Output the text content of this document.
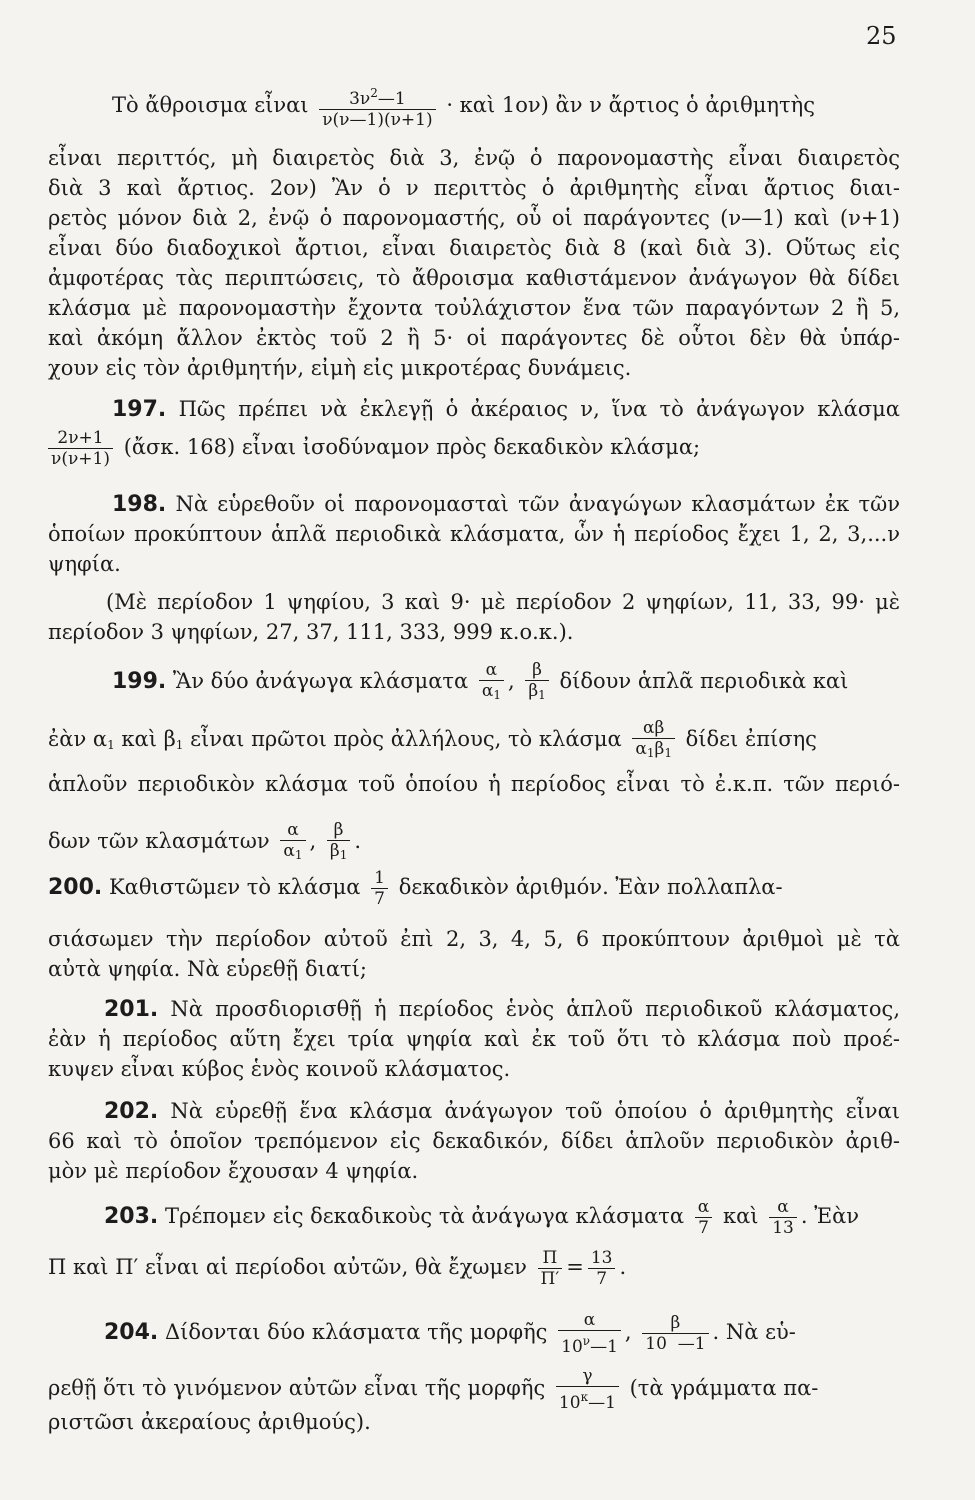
25
Τὸ ἄθροισμα εἶναι $\frac{3\nu^2—1}{\nu(\nu—1)(\nu+1)}$ · καὶ 1ον) ἂν ν ἄρτιος ὁ ἀριθμητὴς
εἶναι περιττός, μὴ διαιρετὸς διὰ 3, ἐνῷ ὁ παρονομαστὴς εἶναι διαιρετὸς
διὰ 3 καὶ ἄρτιος. 2ον) Ἂν ὁ ν περιττὸς ὁ ἀριθμητὴς εἶναι ἄρτιος διαι-
ρετὸς μόνον διὰ 2, ἐνῷ ὁ παρονομαστής, οὗ οἱ παράγοντες (ν—1) καὶ (ν+1)
εἶναι δύο διαδοχικοὶ ἄρτιοι, εἶναι διαιρετὸς διὰ 8 (καὶ διὰ 3). Οὕτως εἰς
ἀμφοτέρας τὰς περιπτώσεις, τὸ ἄθροισμα καθιστάμενον ἀνάγωγον θὰ δίδει
κλάσμα μὲ παρονομαστὴν ἔχοντα τοὐλάχιστον ἕνα τῶν παραγόντων 2 ἢ 5,
καὶ ἀκόμη ἄλλον ἐκτὸς τοῦ 2 ἢ 5· οἱ παράγοντες δὲ οὗτοι δὲν θὰ ὑπάρ-
χουν εἰς τὸν ἀριθμητήν, εἰμὴ εἰς μικροτέρας δυνάμεις.
197. Πῶς πρέπει νὰ ἐκλεγῇ ὁ ἀκέραιος ν, ἵνα τὸ ἀνάγωγον κλάσμα
$\frac{2\nu+1}{\nu(\nu+1)}$ (ἄσκ. 168) εἶναι ἰσοδύναμον πρὸς δεκαδικὸν κλάσμα;
198. Νὰ εὑρεθοῦν οἱ παρονομασταὶ τῶν ἀναγώγων κλασμάτων ἐκ τῶν
ὁποίων προκύπτουν ἁπλᾶ περιοδικὰ κλάσματα, ὧν ἡ περίοδος ἔχει 1, 2, 3,...ν
ψηφία.
(Μὲ περίοδον 1 ψηφίου, 3 καὶ 9· μὲ περίοδον 2 ψηφίων, 11, 33, 99· μὲ
περίοδον 3 ψηφίων, 27, 37, 111, 333, 999 κ.ο.κ.).
199. Ἂν δύο ἀνάγωγα κλάσματα $\frac{\alpha}{\alpha_1}$ , $\frac{\beta}{\beta_1}$ δίδουν ἁπλᾶ περιοδικὰ καὶ
ἐὰν $\alpha_1$ καὶ $\beta_1$ εἶναι πρῶτοι πρὸς ἀλλήλους, τὸ κλάσμα $\frac{\alpha\beta}{\alpha_1\beta_1}$ δίδει ἐπίσης
ἁπλοῦν περιοδικὸν κλάσμα τοῦ ὁποίου ἡ περίοδος εἶναι τὸ ἐ.κ.π. τῶν περιό-
δων τῶν κλασμάτων $\frac{\alpha}{\alpha_1}$ , $\frac{\beta}{\beta_1}$ .
200. Καθιστῶμεν τὸ κλάσμα $\frac{1}{7}$ δεκαδικὸν ἀριθμόν. Ἐὰν πολλαπλα-
σιάσωμεν τὴν περίοδον αὐτοῦ ἐπὶ 2, 3, 4, 5, 6 προκύπτουν ἀριθμοὶ μὲ τὰ
αὐτὰ ψηφία. Νὰ εὑρεθῇ διατί;
201. Νὰ προσδιορισθῇ ἡ περίοδος ἑνὸς ἁπλοῦ περιοδικοῦ κλάσματος,
ἐὰν ἡ περίοδος αὕτη ἔχει τρία ψηφία καὶ ἐκ τοῦ ὅτι τὸ κλάσμα ποὺ προέ-
κυψεν εἶναι κύβος ἑνὸς κοινοῦ κλάσματος.
202. Νὰ εὑρεθῇ ἕνα κλάσμα ἀνάγωγον τοῦ ὁποίου ὁ ἀριθμητὴς εἶναι
66 καὶ τὸ ὁποῖον τρεπόμενον εἰς δεκαδικόν, δίδει ἁπλοῦν περιοδικὸν ἀριθ-
μὸν μὲ περίοδον ἔχουσαν 4 ψηφία.
203. Τρέπομεν εἰς δεκαδικοὺς τὰ ἀνάγωγα κλάσματα $\frac{\alpha}{7}$ καὶ $\frac{\alpha}{13}$ . Ἐὰν
Π καὶ Π′ εἶναι αἱ περίοδοι αὐτῶν, θὰ ἔχωμεν $\frac{\Pi}{\Pi'} = \frac{13}{7}$ .
204. Δίδονται δύο κλάσματα τῆς μορφῆς $\frac{\alpha}{10^\nu—1}$ , $\frac{\beta}{10 —1}$ . Νὰ εὑ-
ρεθῇ ὅτι τὸ γινόμενον αὐτῶν εἶναι τῆς μορφῆς $\frac{\gamma}{10^\kappa—1}$ (τὰ γράμματα πα-
ριστῶσι ἀκεραίους ἀριθμούς).
